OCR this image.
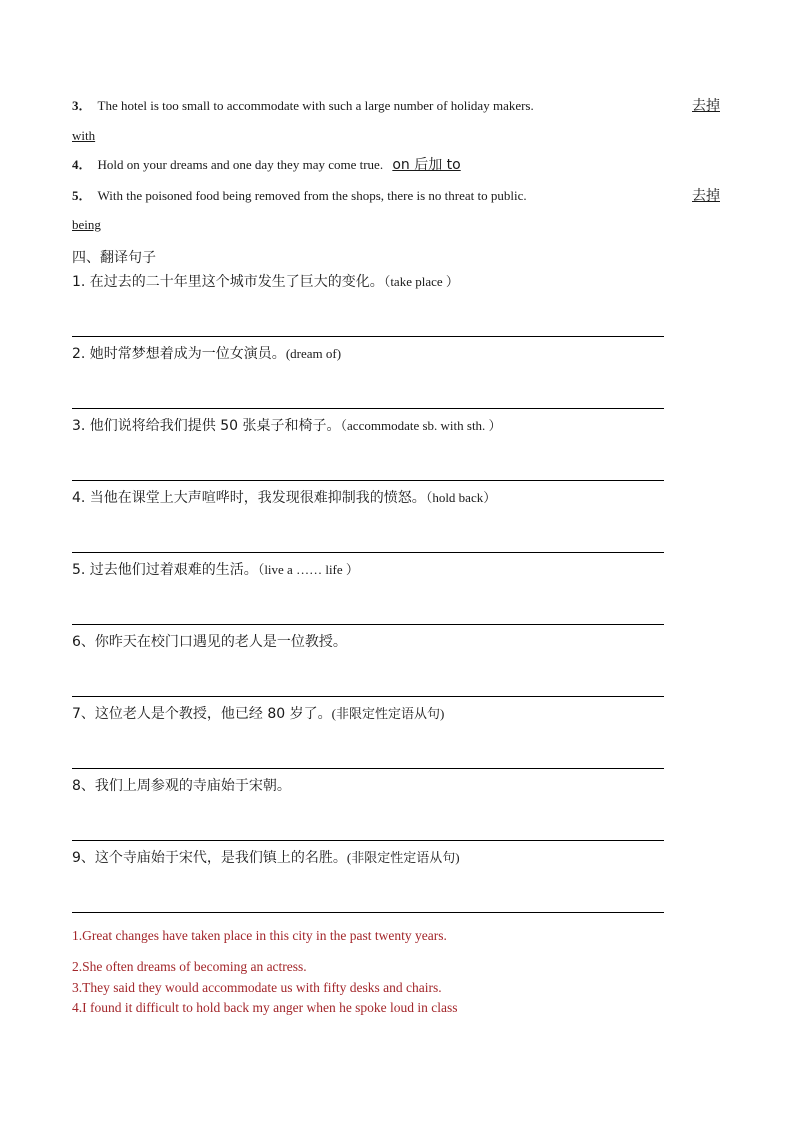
3． The hotel is too small to accommodate with such a large number of holiday makers.	去掉
with
4． Hold on your dreams and one day they may come true. on 后加 to
5． With the poisoned food being removed from the shops, there is no threat to public.	去掉
being
四、翻译句子
1. 在过去的二十年里这个城市发生了巨大的变化。（take place ）
2. 她时常梦想着成为一位女演员。(dream of)
3. 他们说将给我们提供 50 张桌子和椅子。（accommodate sb. with sth. ）
4. 当他在课堂上大声喧哗时，我发现很难抑制我的愤怒。（hold back）
5. 过去他们过着艰难的生活。（live a …… life ）
6、你昨天在校门口遇见的老人是一位教授。
7、这位老人是个教授，他已经 80 岁了。(非限定性定语从句)
8、我们上周参观的寺庙始于宋朝。
9、这个寺庙始于宋代，是我们镇上的名胜。(非限定性定语从句)
1.Great changes have taken place in this city in the past twenty years.
2.She often dreams of becoming an actress.
3.They said they would accommodate us with fifty desks and chairs.
4.I found it difficult to hold back my anger when he spoke loud in class
